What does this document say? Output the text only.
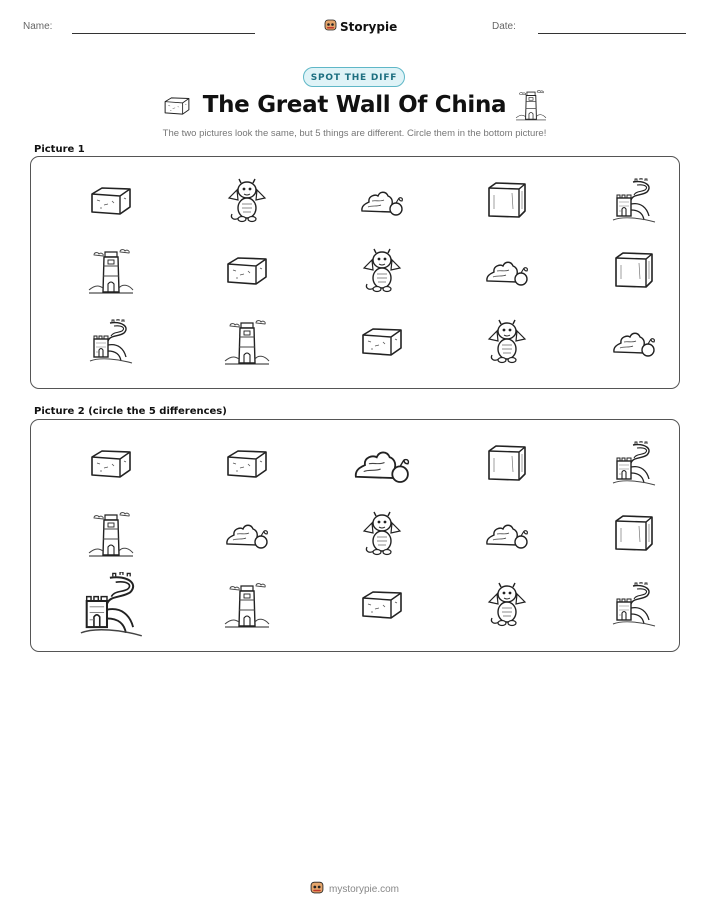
Name:	Storypie	Date:
SPOT THE DIFF
The Great Wall Of China
The two pictures look the same, but 5 things are different. Circle them in the bottom picture!
Picture 1
Picture 2 (circle the 5 differences)
mystorypie.com
